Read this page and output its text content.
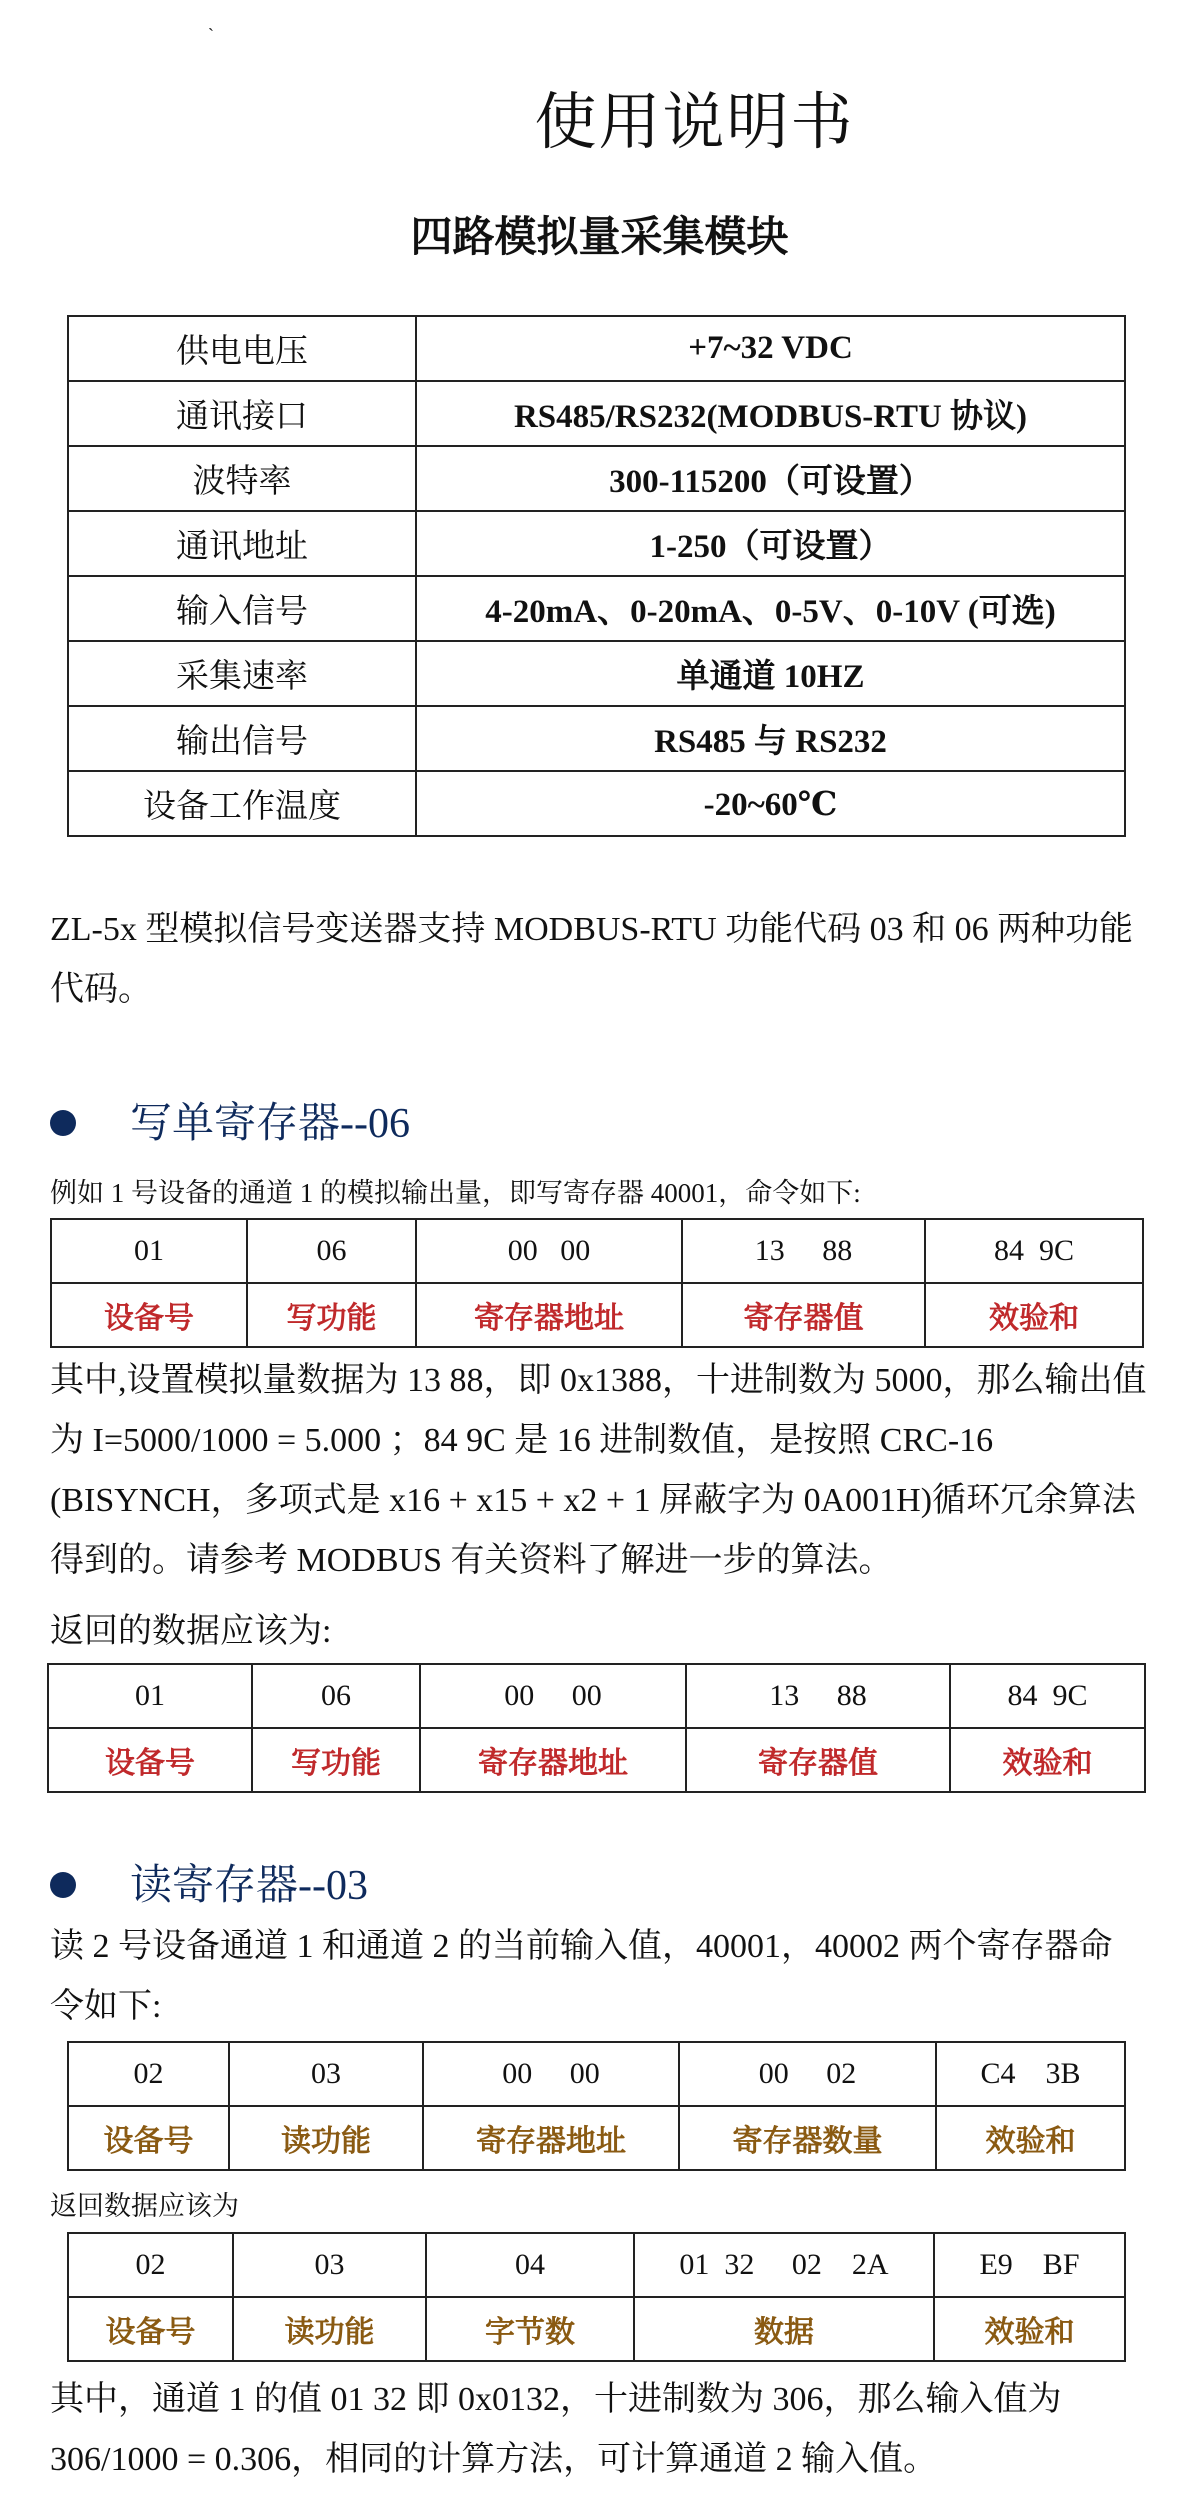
`
使用说明书
四路模拟量采集模块
供电电压	+7~32 VDC
通讯接口	RS485/RS232(MODBUS-RTU 协议)
波特率	300-115200（可设置）
通讯地址	1-250（可设置）
输入信号	4-20mA、0-20mA、0-5V、0-10V (可选)
采集速率	单通道 10HZ
输出信号	RS485 与 RS232
设备工作温度	-20~60℃
ZL-5x 型模拟信号变送器支持 MODBUS-RTU 功能代码 03 和 06 两种功能代码。
写单寄存器--06
例如 1 号设备的通道 1 的模拟输出量，即写寄存器 40001，命令如下:
01	06	00   00	13     88	84  9C
设备号	写功能	寄存器地址	寄存器值	效验和
其中,设置模拟量数据为 13 88，即 0x1388，十进制数为 5000，那么输出值为 I=5000/1000 = 5.000 ；84 9C 是 16 进制数值，是按照 CRC-16 (BISYNCH，多项式是 x16 + x15 + x2 + 1 屏蔽字为 0A001H)循环冗余算法得到的。请参考 MODBUS 有关资料了解进一步的算法。
返回的数据应该为:
01	06	00     00	13     88	84  9C
设备号	写功能	寄存器地址	寄存器值	效验和
读寄存器--03
读 2 号设备通道 1 和通道 2 的当前输入值，40001，40002 两个寄存器命令如下:
02	03	00     00	00     02	C4    3B
设备号	读功能	寄存器地址	寄存器数量	效验和
返回数据应该为
02	03	04	01  32     02    2A	E9    BF
设备号	读功能	字节数	数据	效验和
其中，通道 1 的值 01 32 即 0x0132，十进制数为 306，那么输入值为 306/1000 = 0.306，相同的计算方法，可计算通道 2 输入值。
